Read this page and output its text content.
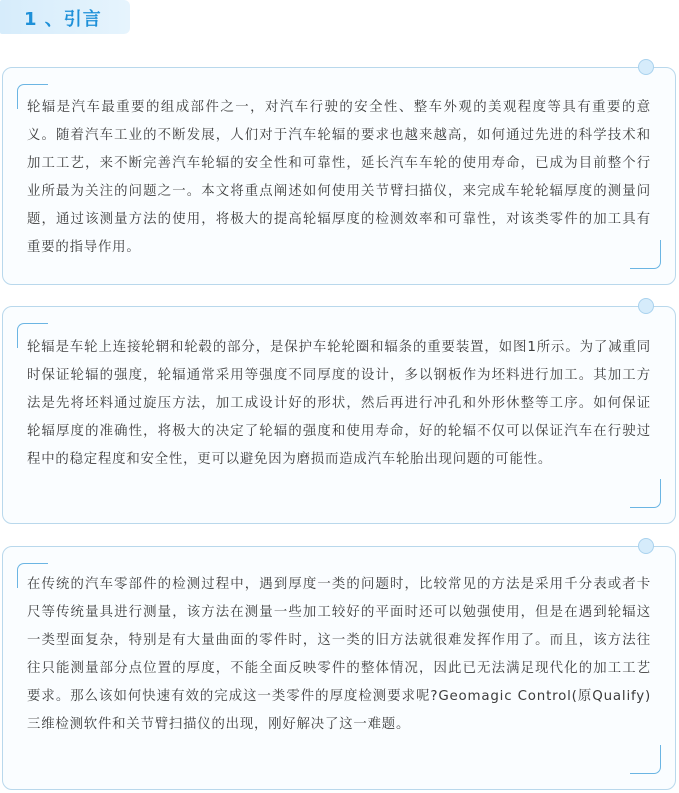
1 、引言

轮辐是汽车最重要的组成部件之一，对汽车行驶的安全性、整车外观的美观程度等具有重要的意义。随着汽车工业的不断发展，人们对于汽车轮辐的要求也越来越高，如何通过先进的科学技术和加工工艺，来不断完善汽车轮辐的安全性和可靠性，延长汽车车轮的使用寿命，已成为目前整个行业所最为关注的问题之一。本文将重点阐述如何使用关节臂扫描仪，来完成车轮轮辐厚度的测量问题，通过该测量方法的使用，将极大的提高轮辐厚度的检测效率和可靠性，对该类零件的加工具有重要的指导作用。

轮辐是车轮上连接轮辋和轮毂的部分，是保护车轮轮圈和辐条的重要装置，如图1所示。为了减重同时保证轮辐的强度，轮辐通常采用等强度不同厚度的设计，多以钢板作为坯料进行加工。其加工方法是先将坯料通过旋压方法，加工成设计好的形状，然后再进行冲孔和外形休整等工序。如何保证轮辐厚度的准确性，将极大的决定了轮辐的强度和使用寿命，好的轮辐不仅可以保证汽车在行驶过程中的稳定程度和安全性，更可以避免因为磨损而造成汽车轮胎出现问题的可能性。

在传统的汽车零部件的检测过程中，遇到厚度一类的问题时，比较常见的方法是采用千分表或者卡尺等传统量具进行测量，该方法在测量一些加工较好的平面时还可以勉强使用，但是在遇到轮辐这一类型面复杂，特别是有大量曲面的零件时，这一类的旧方法就很难发挥作用了。而且，该方法往往只能测量部分点位置的厚度，不能全面反映零件的整体情况，因此已无法满足现代化的加工工艺要求。那么该如何快速有效的完成这一类零件的厚度检测要求呢?Geomagic Control(原Qualify)三维检测软件和关节臂扫描仪的出现，刚好解决了这一难题。
